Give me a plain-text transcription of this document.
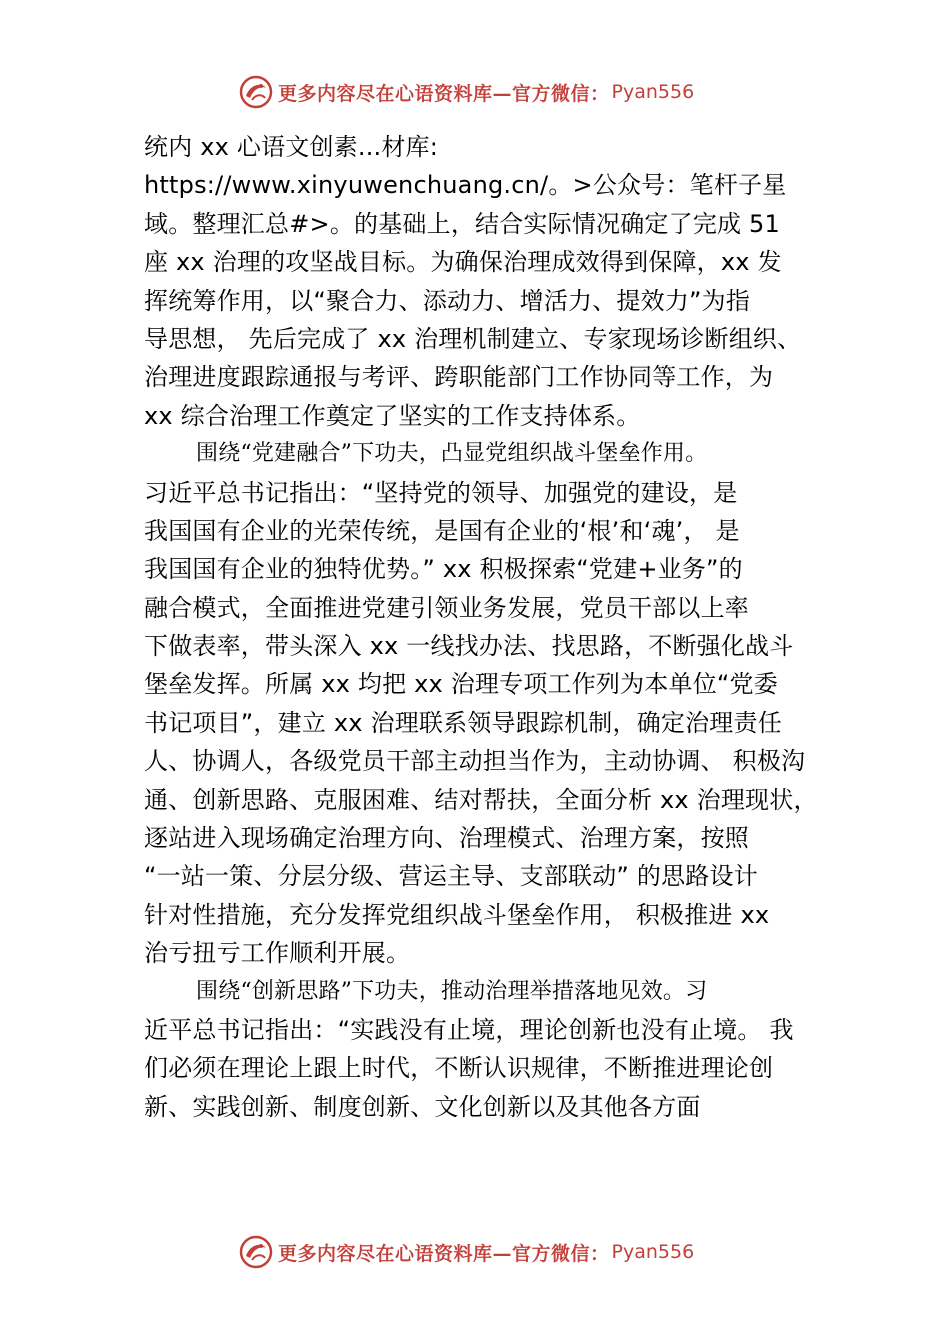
更多内容尽在心语资料库—官方微信： Pyan556
统内 xx 心语文创素...材库:
https://www.xinyuwenchuang.cn/。>公众号：笔杆子星
域。整理汇总#>。的基础上，结合实际情况确定了完成 51
座 xx 治理的攻坚战目标。为确保治理成效得到保障，xx 发
挥统筹作用，以“聚合力、添动力、增活力、提效力”为指
导思想， 先后完成了 xx 治理机制建立、专家现场诊断组织、
治理进度跟踪通报与考评、跨职能部门工作协同等工作，为
xx 综合治理工作奠定了坚实的工作支持体系。
围绕“党建融合”下功夫，凸显党组织战斗堡垒作用。
习近平总书记指出：“坚持党的领导、加强党的建设，是
我国国有企业的光荣传统，是国有企业的‘根’和‘魂’， 是
我国国有企业的独特优势。” xx 积极探索“党建+业务”的
融合模式，全面推进党建引领业务发展，党员干部以上率
下做表率，带头深入 xx 一线找办法、找思路，不断强化战斗
堡垒发挥。所属 xx 均把 xx 治理专项工作列为本单位“党委
书记项目”，建立 xx 治理联系领导跟踪机制，确定治理责任
人、协调人，各级党员干部主动担当作为，主动协调、 积极沟
通、创新思路、克服困难、结对帮扶，全面分析 xx 治理现状，
逐站进入现场确定治理方向、治理模式、治理方案，按照
“一站一策、分层分级、营运主导、支部联动” 的思路设计
针对性措施，充分发挥党组织战斗堡垒作用， 积极推进 xx
治亏扭亏工作顺利开展。
围绕“创新思路”下功夫，推动治理举措落地见效。习
近平总书记指出：“实践没有止境，理论创新也没有止境。 我
们必须在理论上跟上时代，不断认识规律，不断推进理论创
新、实践创新、制度创新、文化创新以及其他各方面
更多内容尽在心语资料库—官方微信： Pyan556
